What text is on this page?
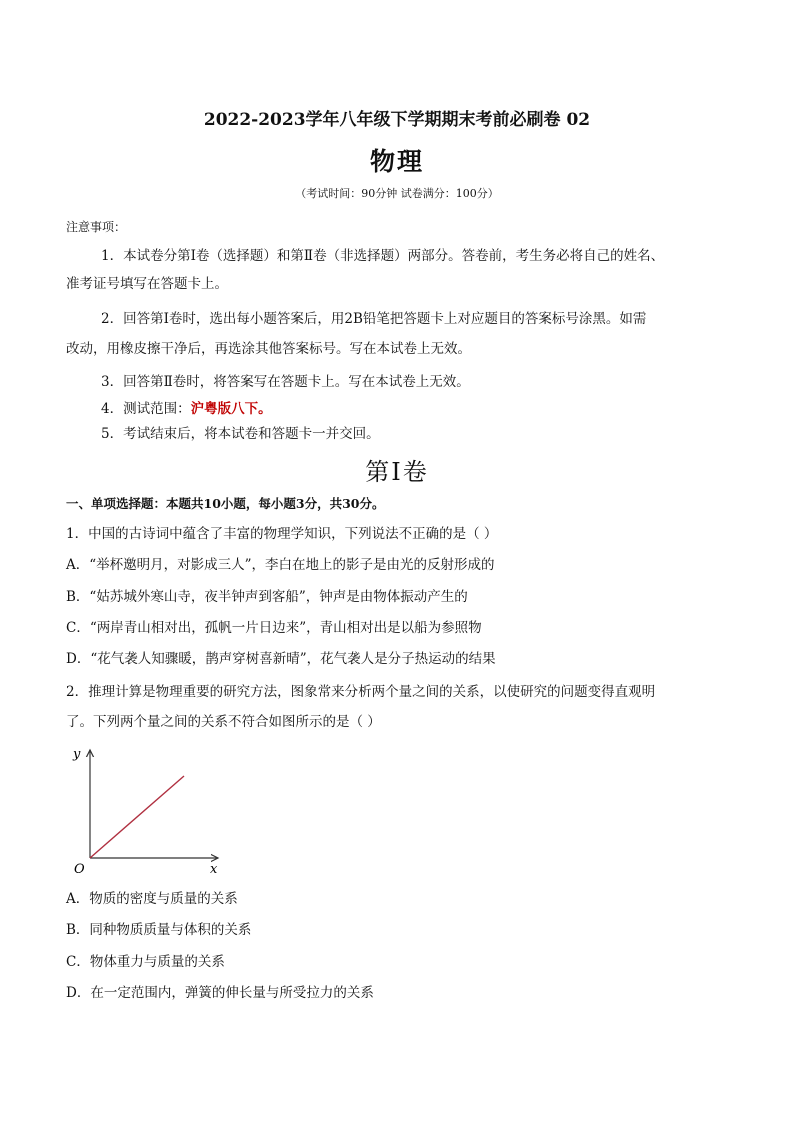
2022-2023学年八年级下学期期末考前必刷卷 02
物理
（考试时间：90分钟 试卷满分：100分）
注意事项：
1．本试卷分第Ⅰ卷（选择题）和第Ⅱ卷（非选择题）两部分。答卷前，考生务必将自己的姓名、
准考证号填写在答题卡上。
2．回答第Ⅰ卷时，选出每小题答案后，用2B铅笔把答题卡上对应题目的答案标号涂黑。如需
改动，用橡皮擦干净后，再选涂其他答案标号。写在本试卷上无效。
3．回答第Ⅱ卷时，将答案写在答题卡上。写在本试卷上无效。
4．测试范围：沪粤版八下。
5．考试结束后，将本试卷和答题卡一并交回。
第Ⅰ卷
一、单项选择题：本题共10小题，每小题3分，共30分。
1．中国的古诗词中蕴含了丰富的物理学知识，下列说法不正确的是（ ）
A．“举杯邀明月，对影成三人”，李白在地上的影子是由光的反射形成的
B．“姑苏城外寒山寺，夜半钟声到客船”，钟声是由物体振动产生的
C．“两岸青山相对出，孤帆一片日边来”，青山相对出是以船为参照物
D．“花气袭人知骤暖，鹊声穿树喜新晴”，花气袭人是分子热运动的结果
2．推理计算是物理重要的研究方法，图象常来分析两个量之间的关系，以使研究的问题变得直观明
了。下列两个量之间的关系不符合如图所示的是（ ）
y
x
O
A．物质的密度与质量的关系
B．同种物质质量与体积的关系
C．物体重力与质量的关系
D．在一定范围内，弹簧的伸长量与所受拉力的关系
